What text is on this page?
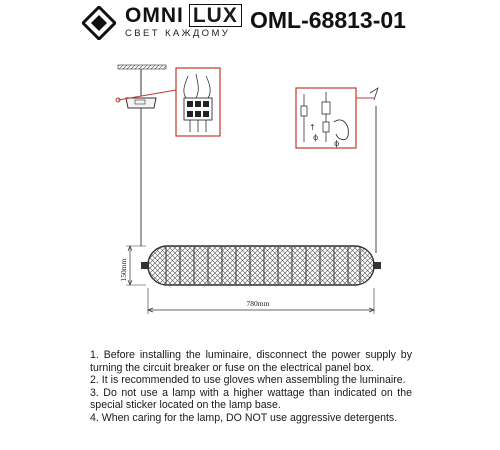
OMNI LUX
СВЕТ КАЖДОМУ
OML-68813-01
↑
ɸ
ɸ
150mm
780mm

1. Before installing the luminaire, disconnect the power supply by turning the circuit breaker or fuse on the electrical panel box.

2. It is recommended to use gloves when assembling the luminaire.

3. Do not use a lamp with a higher wattage than indicated on the special sticker located on the lamp base.

4. When caring for the lamp, DO NOT use aggressive detergents.
